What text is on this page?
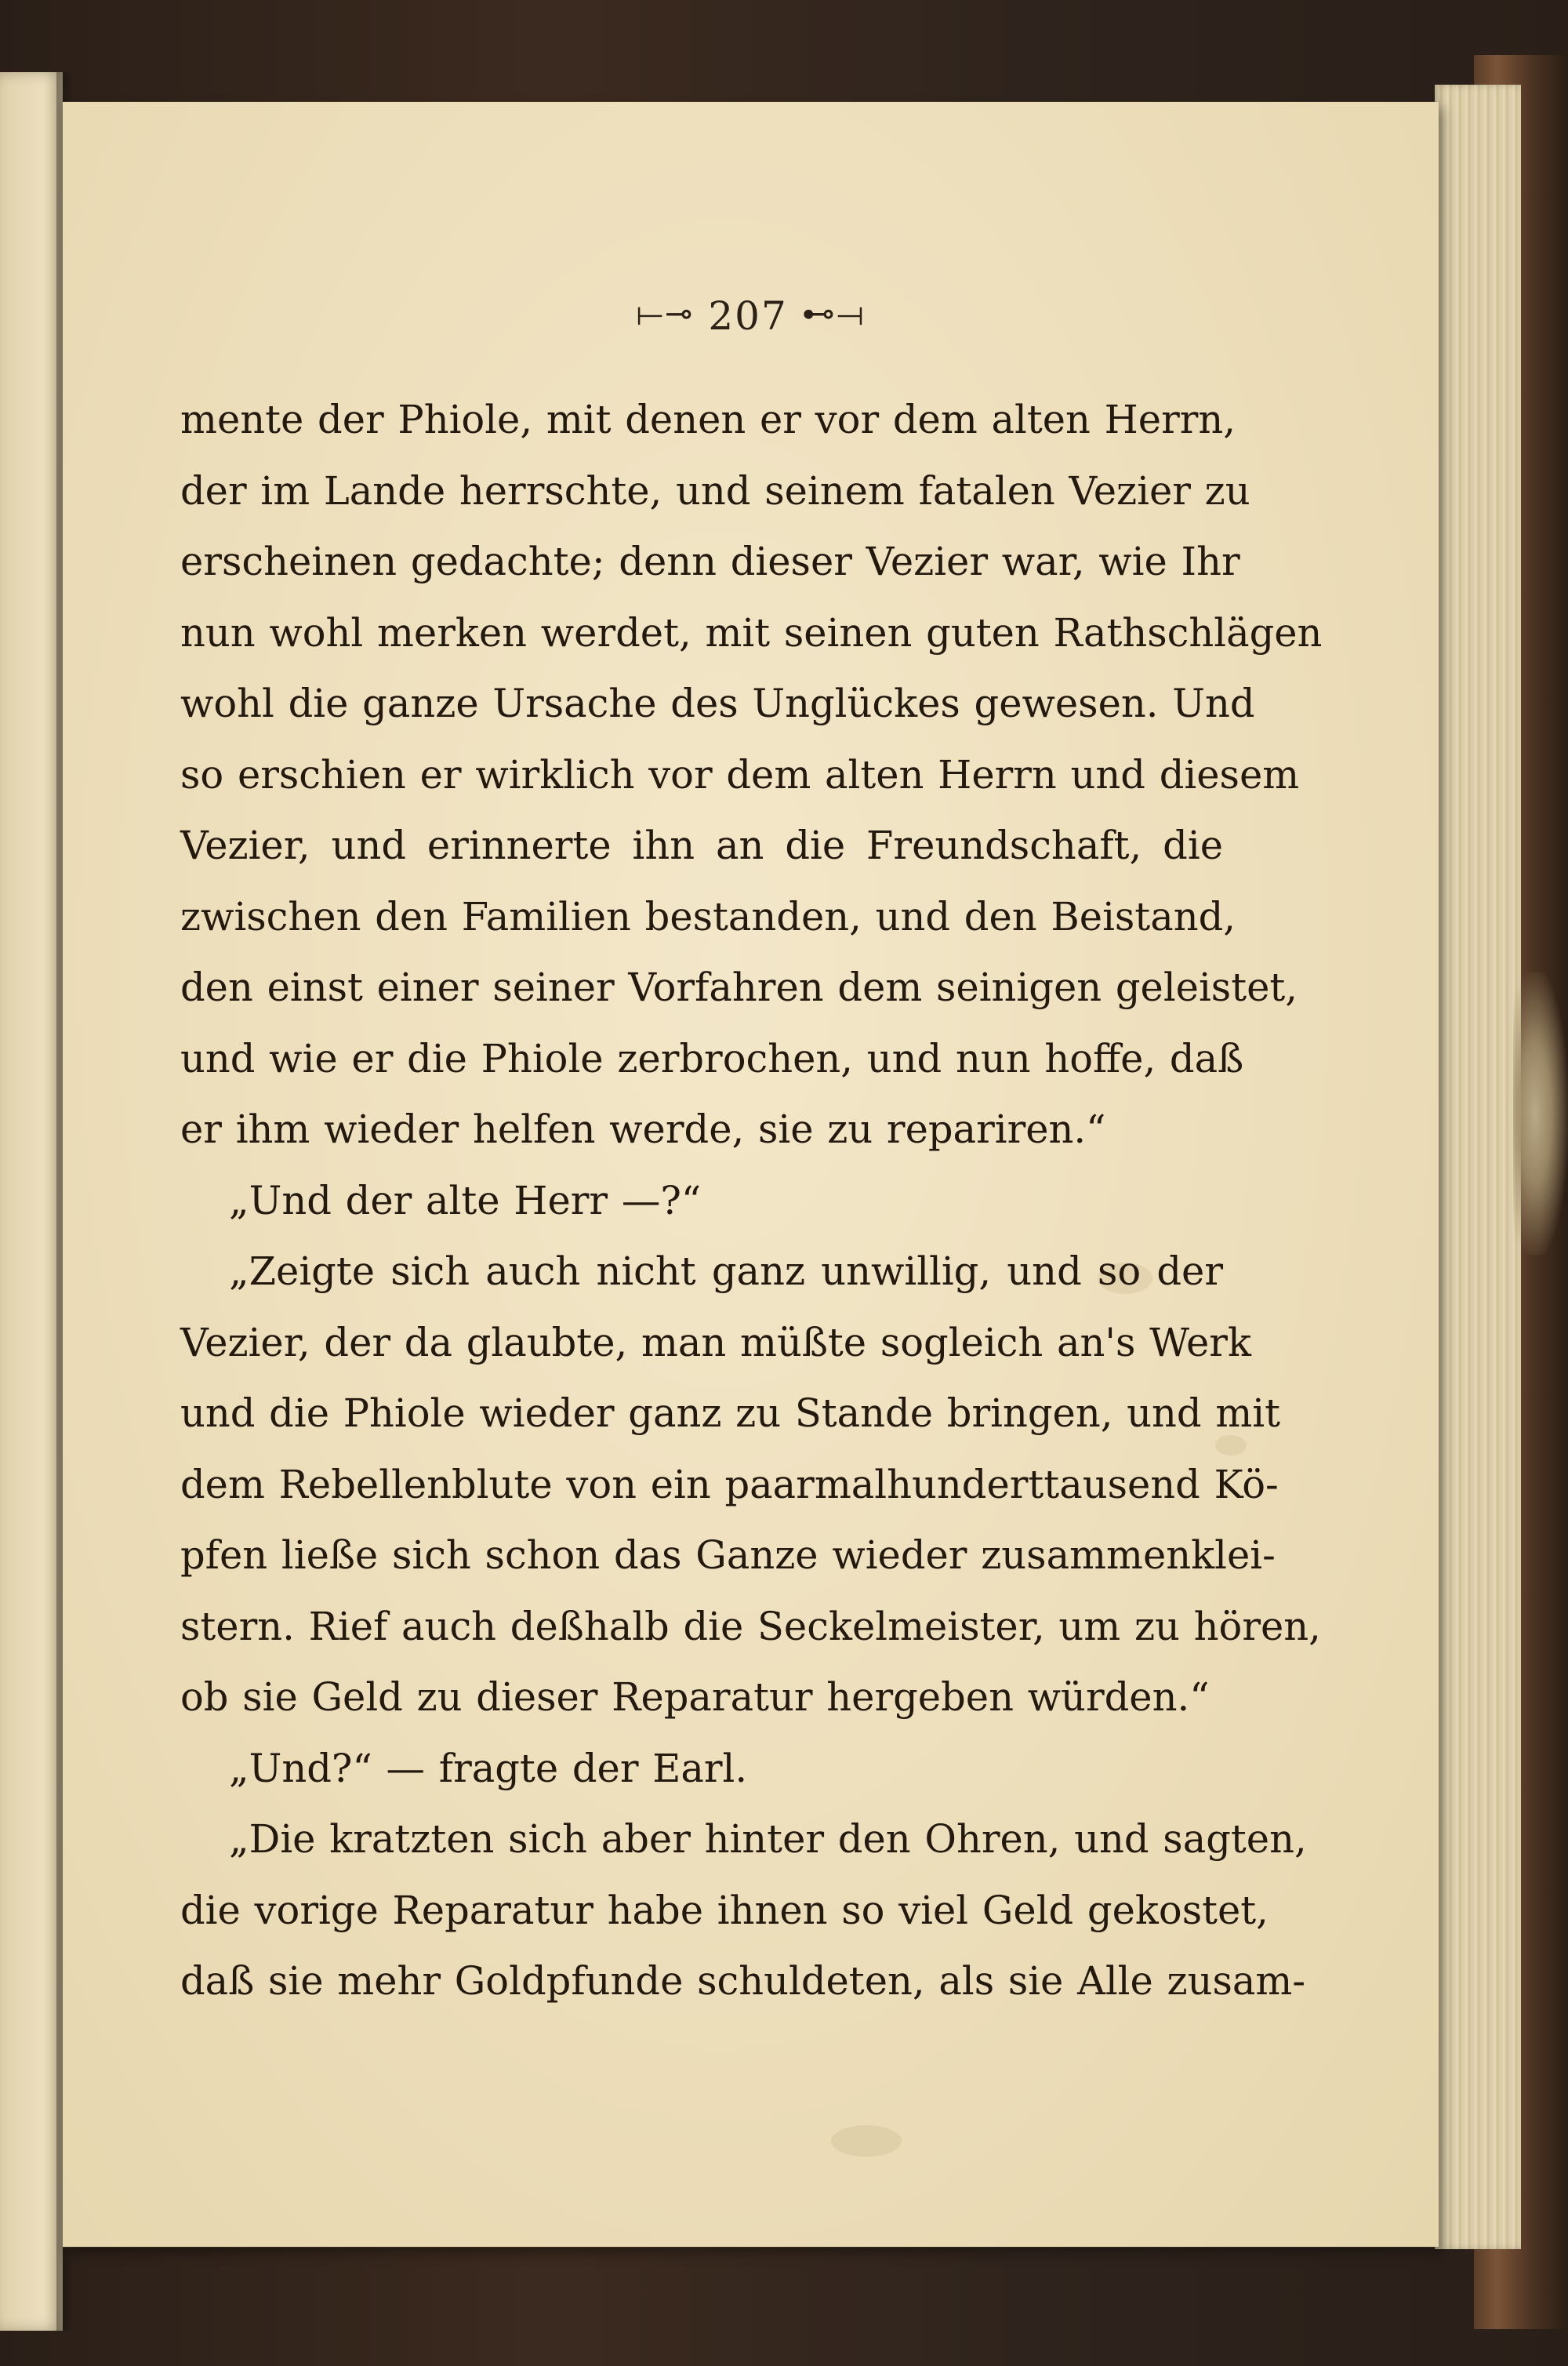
⟝⊸ 207 ⊷⟞
mente der Phiole, mit denen er vor dem alten Herrn,
der im Lande herrschte, und seinem fatalen Vezier zu
erscheinen gedachte; denn dieser Vezier war, wie Ihr
nun wohl merken werdet, mit seinen guten Rathschlägen
wohl die ganze Ursache des Unglückes gewesen. Und
so erschien er wirklich vor dem alten Herrn und diesem
Vezier, und erinnerte ihn an die Freundschaft, die
zwischen den Familien bestanden, und den Beistand,
den einst einer seiner Vorfahren dem seinigen geleistet,
und wie er die Phiole zerbrochen, und nun hoffe, daß
er ihm wieder helfen werde, sie zu repariren.“
„Und der alte Herr —?“
„Zeigte sich auch nicht ganz unwillig, und so der
Vezier, der da glaubte, man müßte sogleich an's Werk
und die Phiole wieder ganz zu Stande bringen, und mit
dem Rebellenblute von ein paarmalhunderttausend Kö-
pfen ließe sich schon das Ganze wieder zusammenklei-
stern. Rief auch deßhalb die Seckelmeister, um zu hören,
ob sie Geld zu dieser Reparatur hergeben würden.“
„Und?“ — fragte der Earl.
„Die kratzten sich aber hinter den Ohren, und sagten,
die vorige Reparatur habe ihnen so viel Geld gekostet,
daß sie mehr Goldpfunde schuldeten, als sie Alle zusam-
